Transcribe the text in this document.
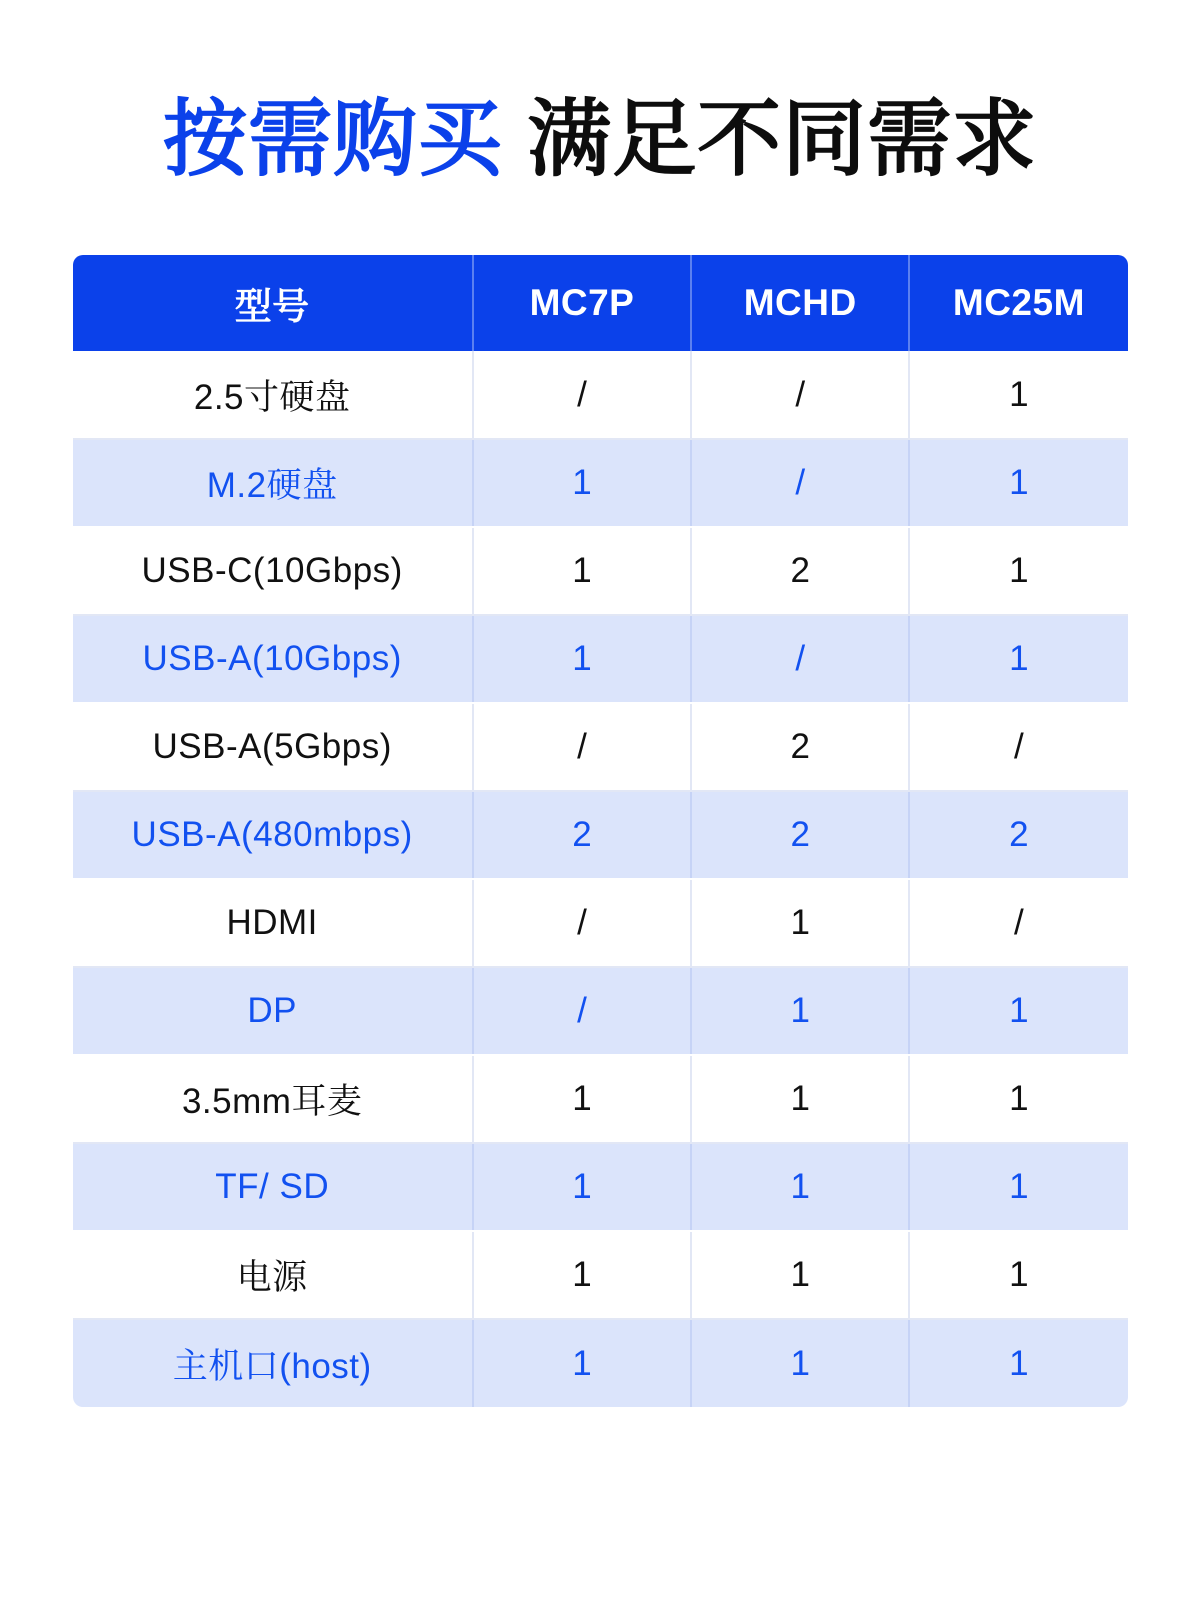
按需购买 满足不同需求
型号	MC7P	MCHD	MC25M
2.5寸硬盘	/	/	1
M.2硬盘	1	/	1
USB-C(10Gbps)	1	2	1
USB-A(10Gbps)	1	/	1
USB-A(5Gbps)	/	2	/
USB-A(480mbps)	2	2	2
HDMI	/	1	/
DP	/	1	1
3.5mm耳麦	1	1	1
TF/ SD	1	1	1
电源	1	1	1
主机口(host)	1	1	1
